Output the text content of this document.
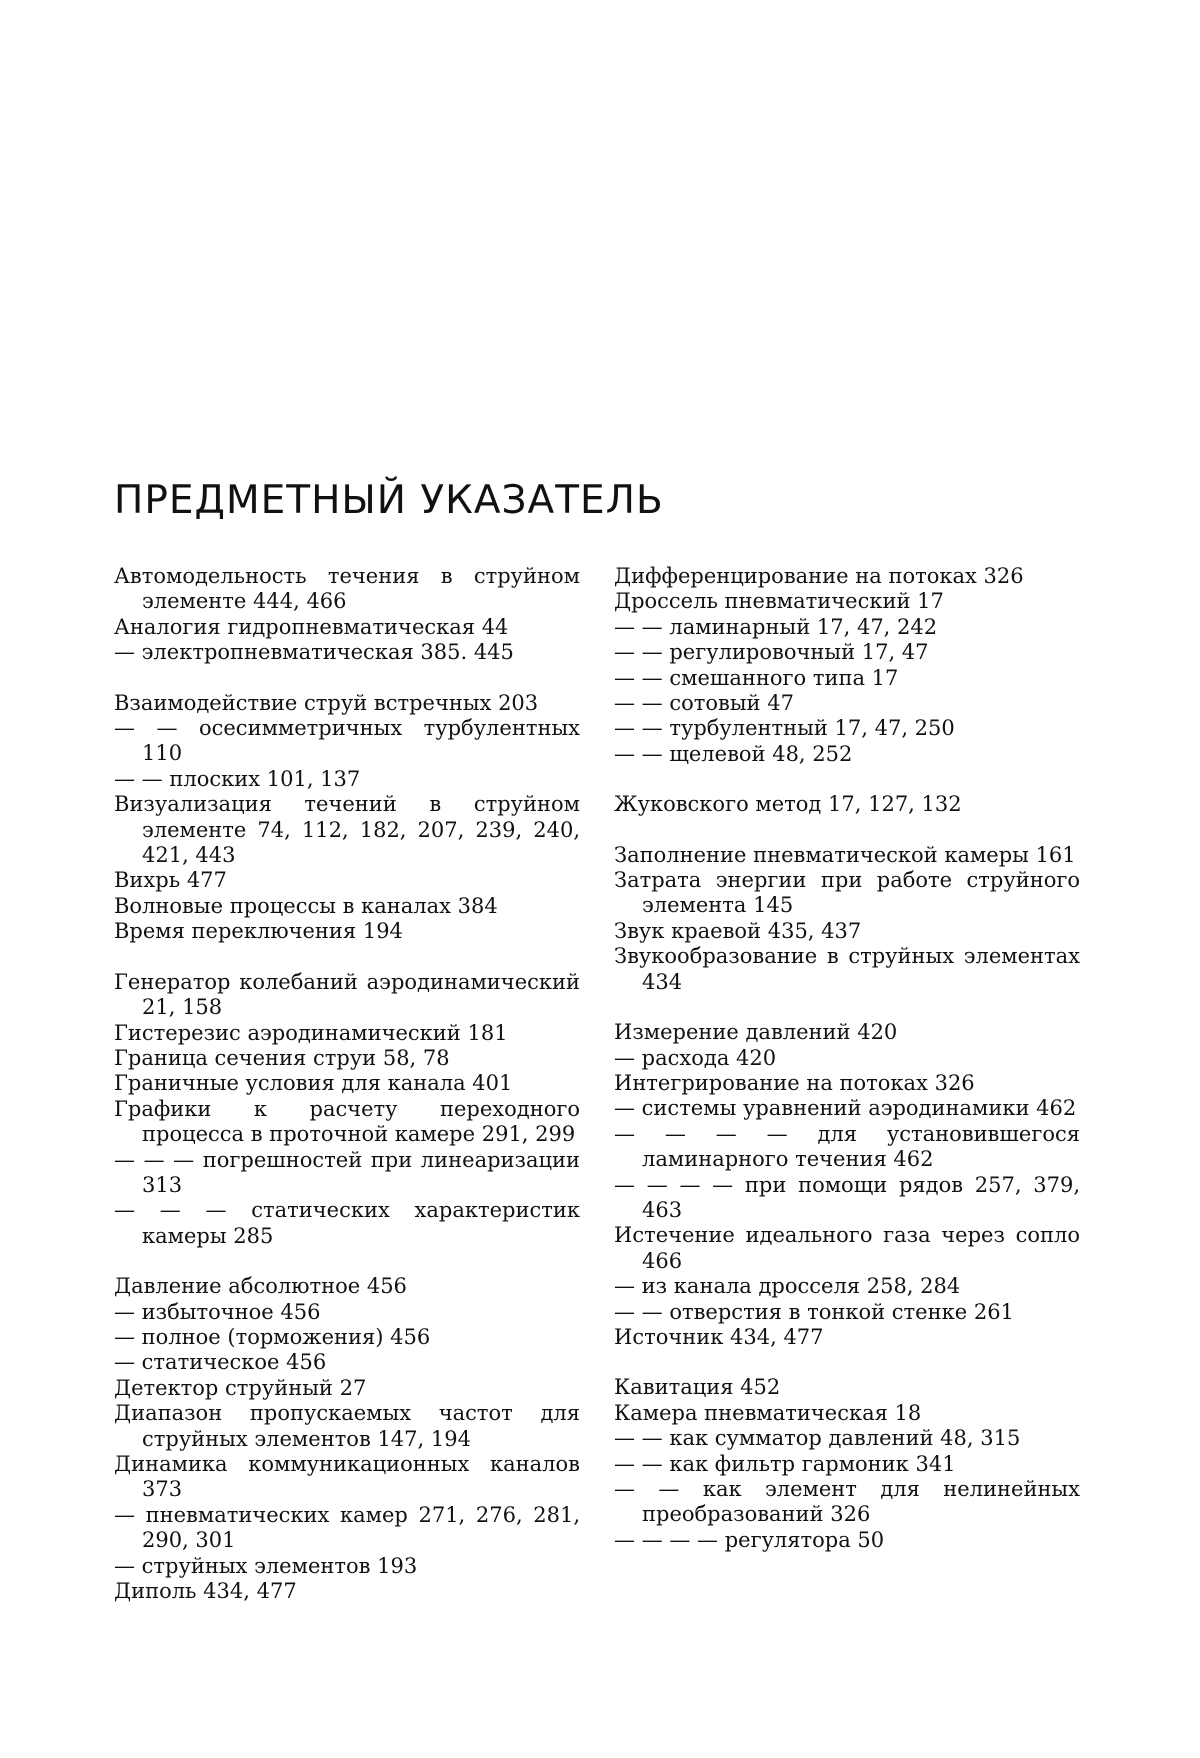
ПРЕДМЕТНЫЙ УКАЗАТЕЛЬ

Автомодельность течения в струйном элементе 444, 466

Аналогия гидропневматическая 44

— электропневматическая 385. 445

Взаимодействие струй встречных 203

— — осесимметричных турбулентных 110

— — плоских 101, 137

Визуализация течений в струйном элементе 74, 112, 182, 207, 239, 240, 421, 443

Вихрь 477

Волновые процессы в каналах 384

Время переключения 194

Генератор колебаний аэродинамический 21, 158

Гистерезис аэродинамический 181

Граница сечения струи 58, 78

Граничные условия для канала 401

Графики к расчету переходного процесса в проточной камере 291, 299

— — — погрешностей при линеаризации 313

— — — статических характеристик камеры 285

Давление абсолютное 456

— избыточное 456

— полное (торможения) 456

— статическое 456

Детектор струйный 27

Диапазон пропускаемых частот для струйных элементов 147, 194

Динамика коммуникационных каналов 373

— пневматических камер 271, 276, 281, 290, 301

— струйных элементов 193

Диполь 434, 477

Дифференцирование на потоках 326

Дроссель пневматический 17

— — ламинарный 17, 47, 242

— — регулировочный 17, 47

— — смешанного типа 17

— — сотовый 47

— — турбулентный 17, 47, 250

— — щелевой 48, 252

Жуковского метод 17, 127, 132

Заполнение пневматической камеры 161

Затрата энергии при работе струйного элемента 145

Звук краевой 435, 437

Звукообразование в струйных элементах 434

Измерение давлений 420

— расхода 420

Интегрирование на потоках 326

— системы уравнений аэродинамики 462

— — — — для установившегося ламинарного течения 462

— — — — при помощи рядов 257, 379, 463

Истечение идеального газа через сопло 466

— из канала дросселя 258, 284

— — отверстия в тонкой стенке 261

Источник 434, 477

Кавитация 452

Камера пневматическая 18

— — как сумматор давлений 48, 315

— — как фильтр гармоник 341

— — как элемент для нелинейных преобразований 326

— — — — регулятора 50
